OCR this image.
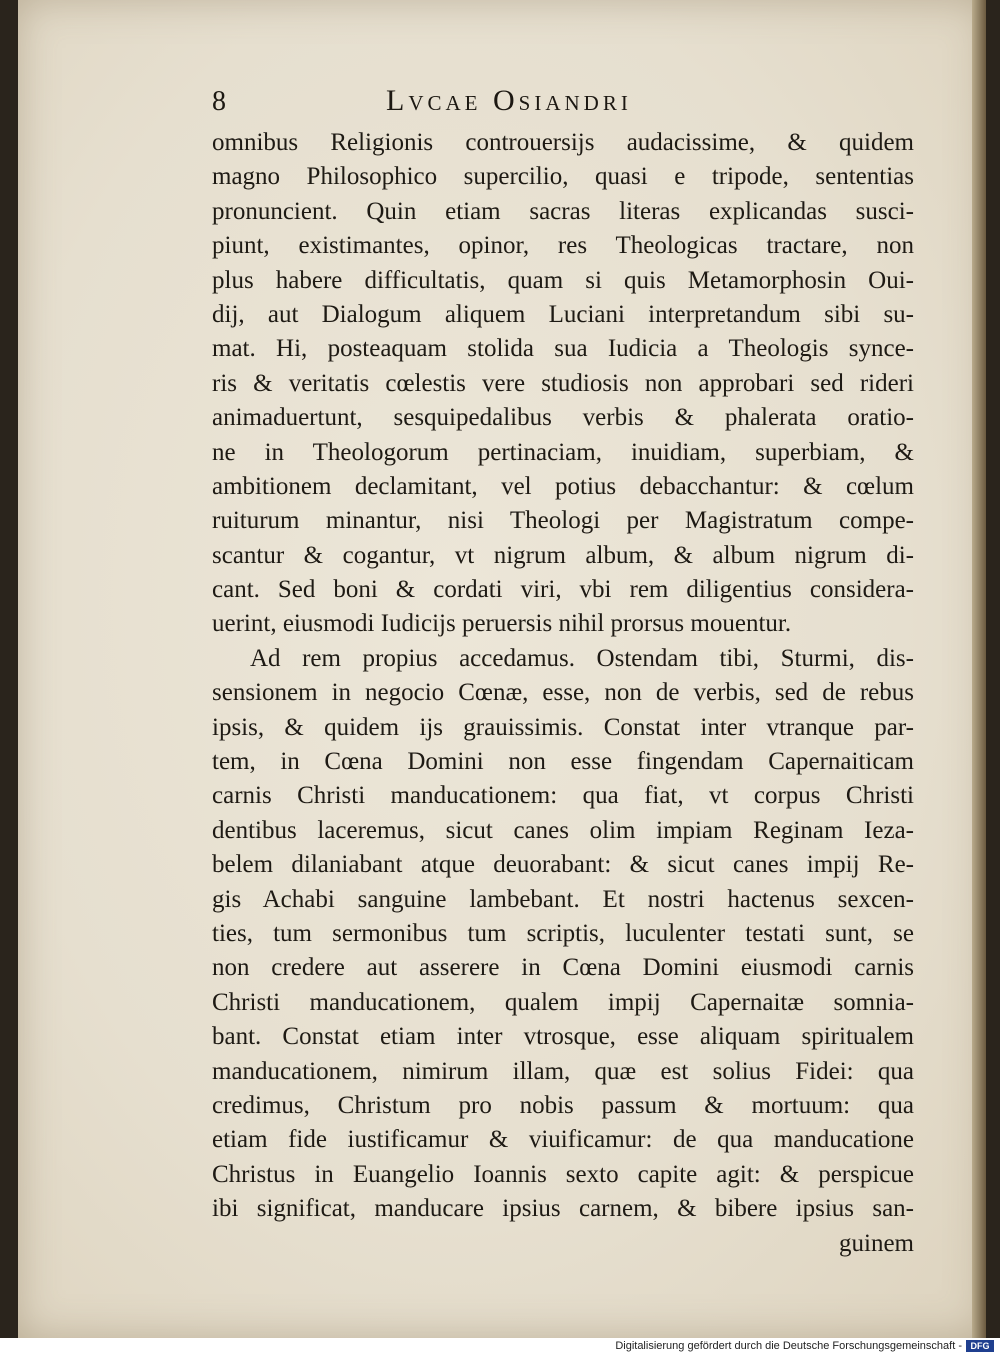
8	Lvcae Osiandri
omnibus Religionis controuersijs audacissime, & quidem
magno Philosophico supercilio, quasi e tripode, sententias
pronuncient. Quin etiam sacras literas explicandas susci-
piunt, existimantes, opinor, res Theologicas tractare, non
plus habere difficultatis, quam si quis Metamorphosin Oui-
dij, aut Dialogum aliquem Luciani interpretandum sibi su-
mat. Hi, posteaquam stolida sua Iudicia a Theologis synce-
ris & veritatis cœlestis vere studiosis non approbari sed rideri
animaduertunt, sesquipedalibus verbis & phalerata oratio-
ne in Theologorum pertinaciam, inuidiam, superbiam, &
ambitionem declamitant, vel potius debacchantur: & cœlum
ruiturum minantur, nisi Theologi per Magistratum compe-
scantur & cogantur, vt nigrum album, & album nigrum di-
cant. Sed boni & cordati viri, vbi rem diligentius considera-
uerint, eiusmodi Iudicijs peruersis nihil prorsus mouentur.
Ad rem propius accedamus. Ostendam tibi, Sturmi, dis-
sensionem in negocio Cœnæ, esse, non de verbis, sed de rebus
ipsis, & quidem ijs grauissimis. Constat inter vtranque par-
tem, in Cœna Domini non esse fingendam Capernaiticam
carnis Christi manducationem: qua fiat, vt corpus Christi
dentibus laceremus, sicut canes olim impiam Reginam Ieza-
belem dilaniabant atque deuorabant: & sicut canes impij Re-
gis Achabi sanguine lambebant. Et nostri hactenus sexcen-
ties, tum sermonibus tum scriptis, luculenter testati sunt, se
non credere aut asserere in Cœna Domini eiusmodi carnis
Christi manducationem, qualem impij Capernaitæ somnia-
bant. Constat etiam inter vtrosque, esse aliquam spiritualem
manducationem, nimirum illam, quæ est solius Fidei: qua
credimus, Christum pro nobis passum & mortuum: qua
etiam fide iustificamur & viuificamur: de qua manducatione
Christus in Euangelio Ioannis sexto capite agit: & perspicue
ibi significat, manducare ipsius carnem, & bibere ipsius san-
guinem
Digitalisierung gefördert durch die Deutsche Forschungsgemeinschaft - DFG
